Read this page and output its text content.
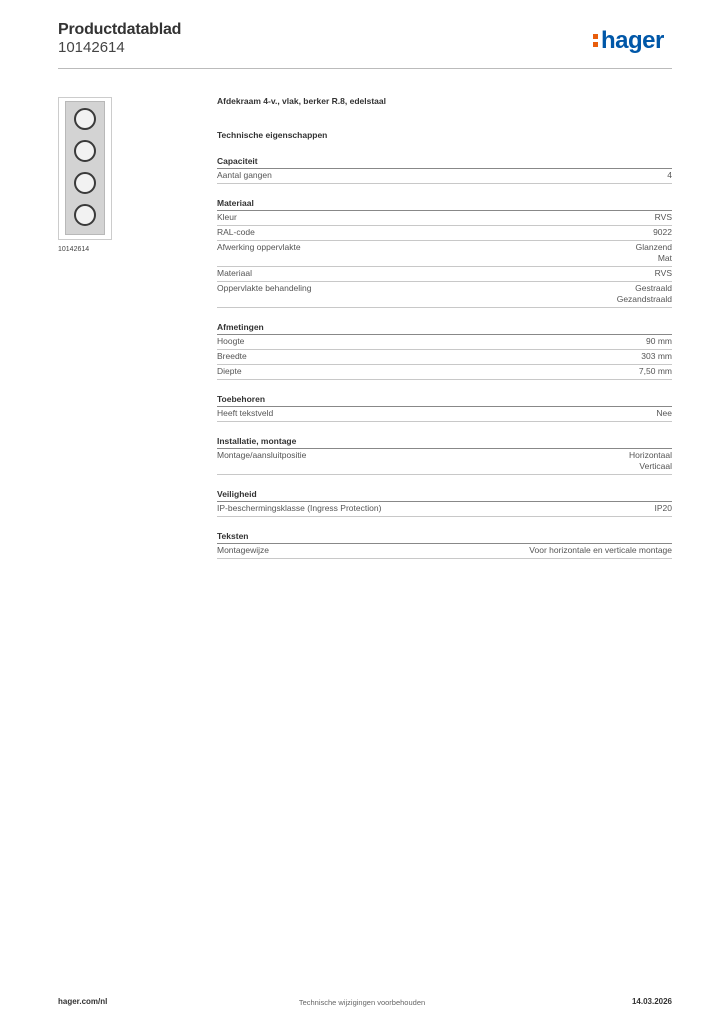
Productdatablad
10142614	hager
10142614
Afdekraam 4-v., vlak, berker R.8, edelstaal
Technische eigenschappen
Capaciteit
Aantal gangen	4
Materiaal
Kleur	RVS
RAL-code	9022
Afwerking oppervlakte	Glanzend
Mat
Materiaal	RVS
Oppervlakte behandeling	Gestraald
Gezandstraald
Afmetingen
Hoogte	90 mm
Breedte	303 mm
Diepte	7,50 mm
Toebehoren
Heeft tekstveld	Nee
Installatie, montage
Montage/aansluitpositie	Horizontaal
Verticaal
Veiligheid
IP-beschermingsklasse (Ingress Protection)	IP20
Teksten
Montagewijze	Voor horizontale en verticale montage
hager.com/nl	Technische wijzigingen voorbehouden	14.03.2026
